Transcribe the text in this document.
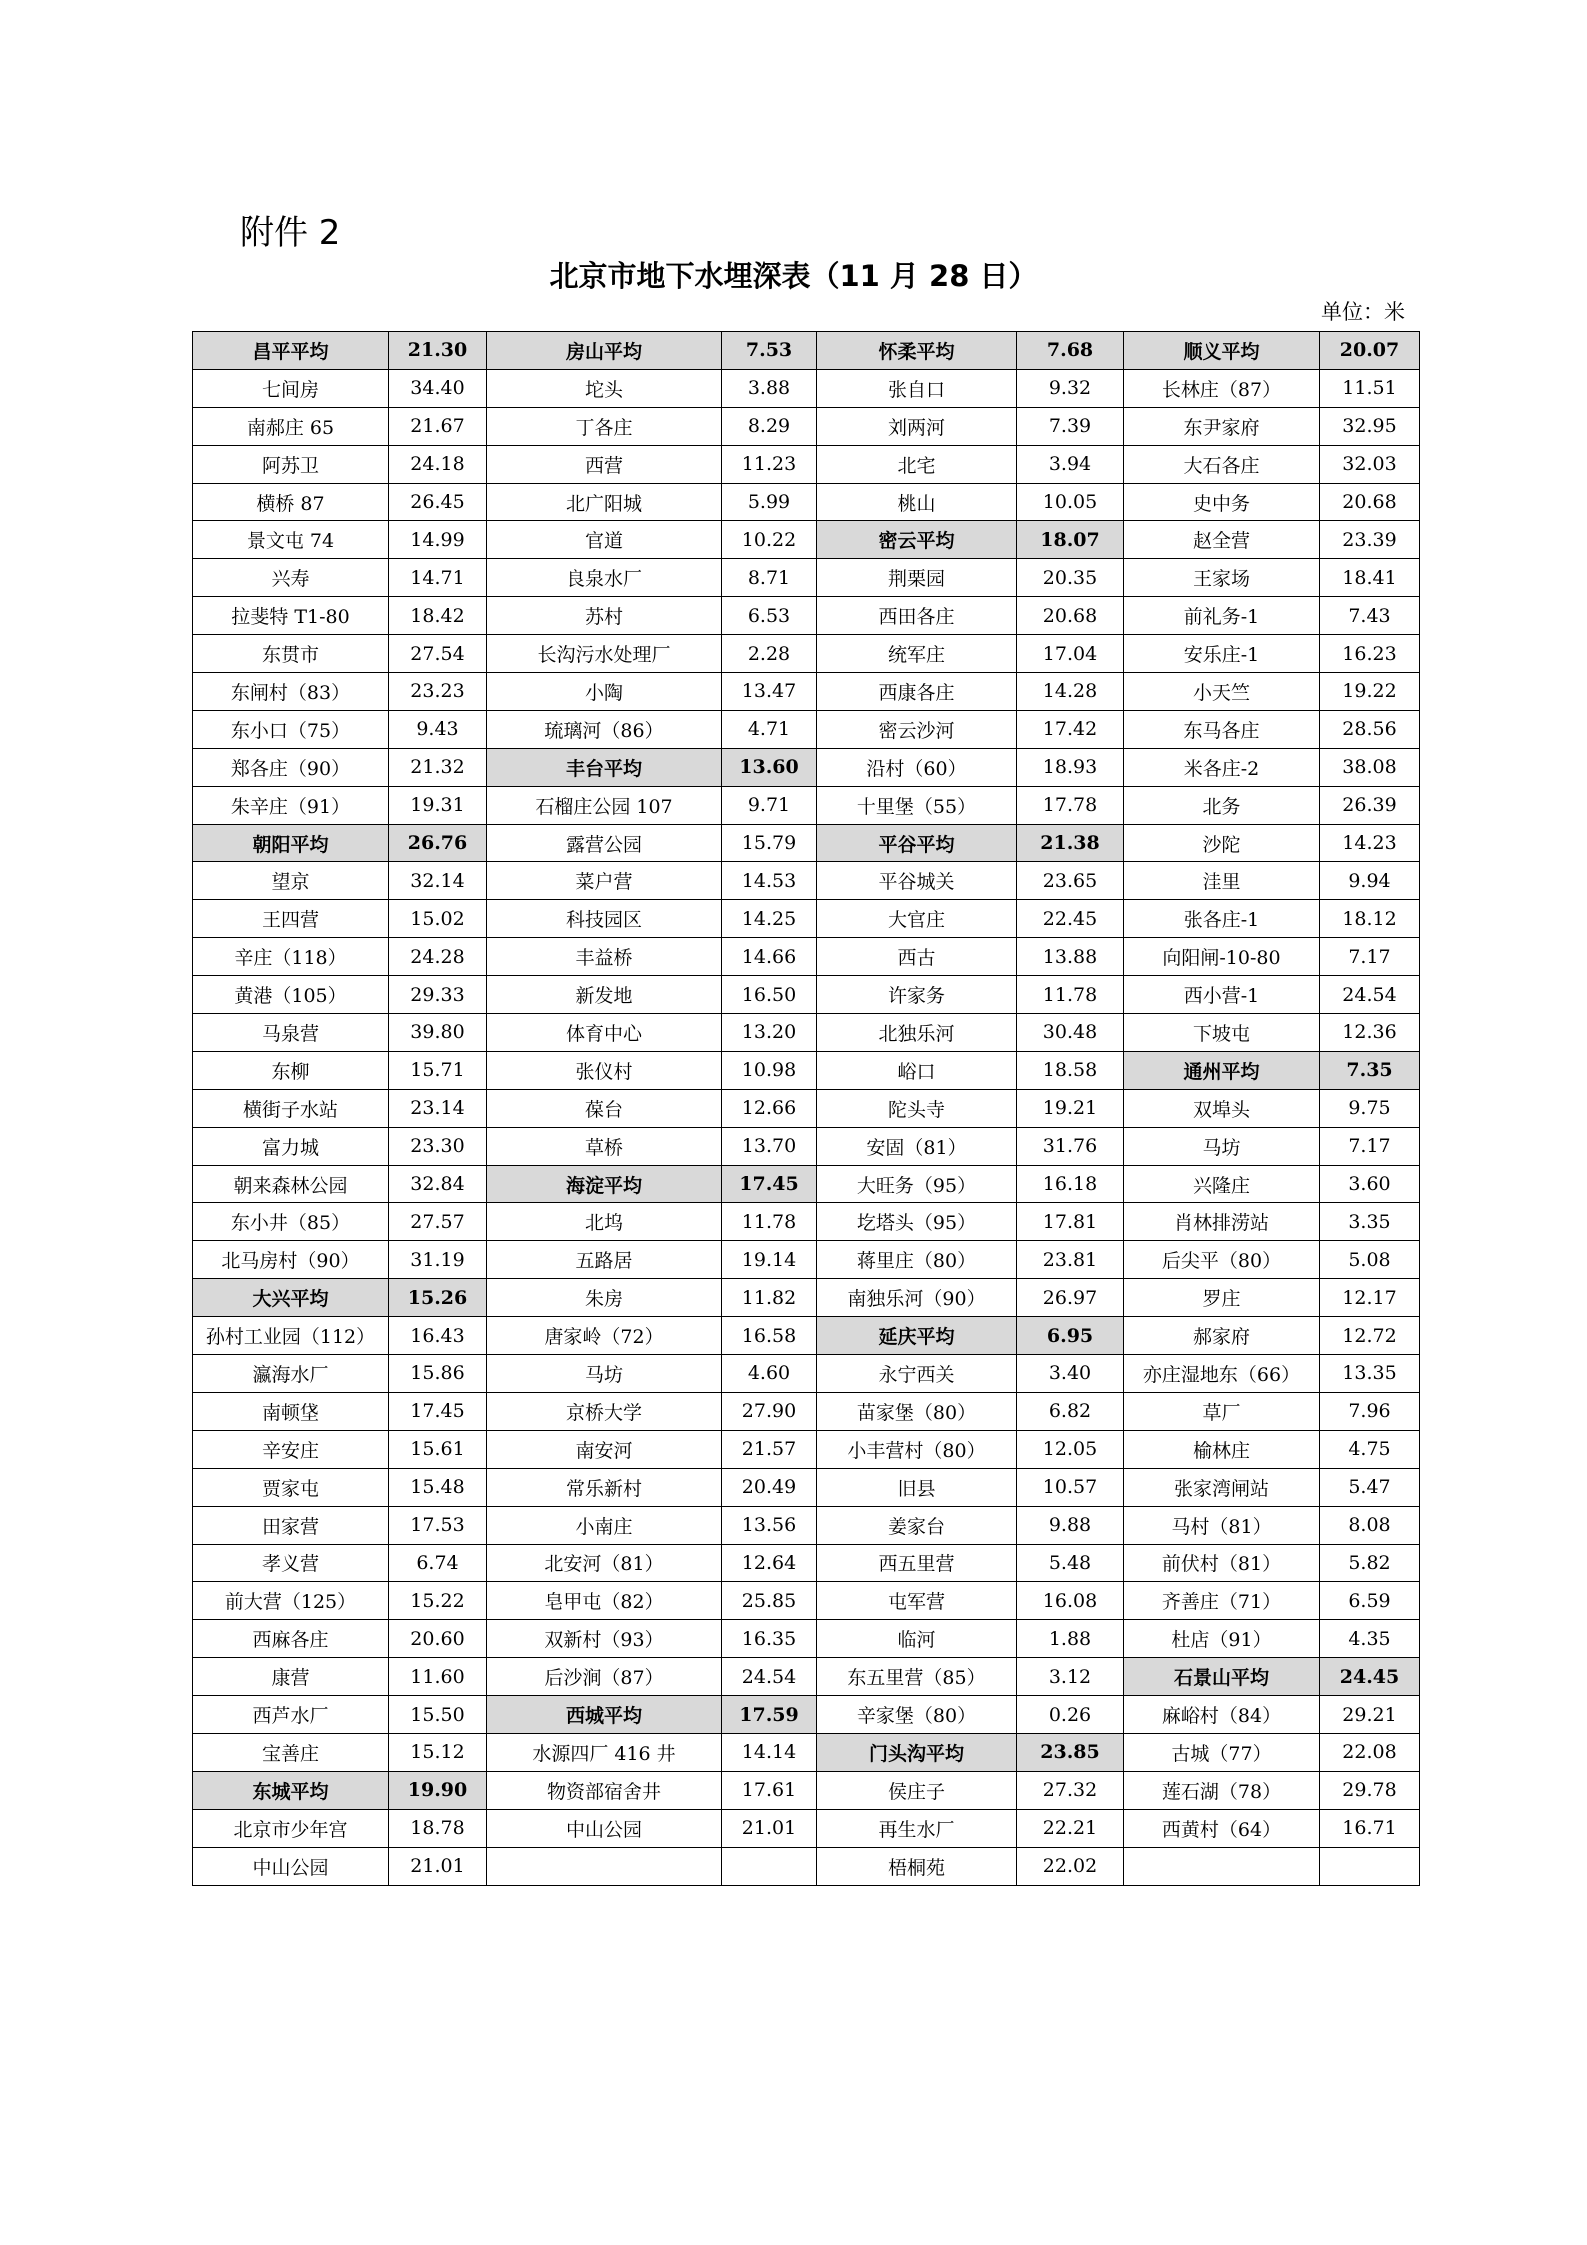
附件 2
北京市地下水埋深表（11 月 28 日）
单位：米
昌平平均	21.30	房山平均	7.53	怀柔平均	7.68	顺义平均	20.07
七间房	34.40	坨头	3.88	张自口	9.32	长林庄（87）	11.51
南郝庄 65	21.67	丁各庄	8.29	刘两河	7.39	东尹家府	32.95
阿苏卫	24.18	西营	11.23	北宅	3.94	大石各庄	32.03
横桥 87	26.45	北广阳城	5.99	桃山	10.05	史中务	20.68
景文屯 74	14.99	官道	10.22	密云平均	18.07	赵全营	23.39
兴寿	14.71	良泉水厂	8.71	荆栗园	20.35	王家场	18.41
拉斐特 T1-80	18.42	苏村	6.53	西田各庄	20.68	前礼务-1	7.43
东贯市	27.54	长沟污水处理厂	2.28	统军庄	17.04	安乐庄-1	16.23
东闸村（83）	23.23	小陶	13.47	西康各庄	14.28	小天竺	19.22
东小口（75）	9.43	琉璃河（86）	4.71	密云沙河	17.42	东马各庄	28.56
郑各庄（90）	21.32	丰台平均	13.60	沿村（60）	18.93	米各庄-2	38.08
朱辛庄（91）	19.31	石榴庄公园 107	9.71	十里堡（55）	17.78	北务	26.39
朝阳平均	26.76	露营公园	15.79	平谷平均	21.38	沙陀	14.23
望京	32.14	菜户营	14.53	平谷城关	23.65	洼里	9.94
王四营	15.02	科技园区	14.25	大官庄	22.45	张各庄-1	18.12
辛庄（118）	24.28	丰益桥	14.66	西古	13.88	向阳闸-10-80	7.17
黄港（105）	29.33	新发地	16.50	许家务	11.78	西小营-1	24.54
马泉营	39.80	体育中心	13.20	北独乐河	30.48	下坡屯	12.36
东柳	15.71	张仪村	10.98	峪口	18.58	通州平均	7.35
横街子水站	23.14	葆台	12.66	陀头寺	19.21	双埠头	9.75
富力城	23.30	草桥	13.70	安固（81）	31.76	马坊	7.17
朝来森林公园	32.84	海淀平均	17.45	大旺务（95）	16.18	兴隆庄	3.60
东小井（85）	27.57	北坞	11.78	圪塔头（95）	17.81	肖林排涝站	3.35
北马房村（90）	31.19	五路居	19.14	蒋里庄（80）	23.81	后尖平（80）	5.08
大兴平均	15.26	朱房	11.82	南独乐河（90）	26.97	罗庄	12.17
孙村工业园（112）	16.43	唐家岭（72）	16.58	延庆平均	6.95	郝家府	12.72
瀛海水厂	15.86	马坊	4.60	永宁西关	3.40	亦庄湿地东（66）	13.35
南顿垡	17.45	京桥大学	27.90	苗家堡（80）	6.82	草厂	7.96
辛安庄	15.61	南安河	21.57	小丰营村（80）	12.05	榆林庄	4.75
贾家屯	15.48	常乐新村	20.49	旧县	10.57	张家湾闸站	5.47
田家营	17.53	小南庄	13.56	姜家台	9.88	马村（81）	8.08
孝义营	6.74	北安河（81）	12.64	西五里营	5.48	前伏村（81）	5.82
前大营（125）	15.22	皂甲屯（82）	25.85	屯军营	16.08	齐善庄（71）	6.59
西麻各庄	20.60	双新村（93）	16.35	临河	1.88	杜店（91）	4.35
康营	11.60	后沙涧（87）	24.54	东五里营（85）	3.12	石景山平均	24.45
西芦水厂	15.50	西城平均	17.59	辛家堡（80）	0.26	麻峪村（84）	29.21
宝善庄	15.12	水源四厂 416 井	14.14	门头沟平均	23.85	古城（77）	22.08
东城平均	19.90	物资部宿舍井	17.61	侯庄子	27.32	莲石湖（78）	29.78
北京市少年宫	18.78	中山公园	21.01	再生水厂	22.21	西黄村（64）	16.71
中山公园	21.01			梧桐苑	22.02		
